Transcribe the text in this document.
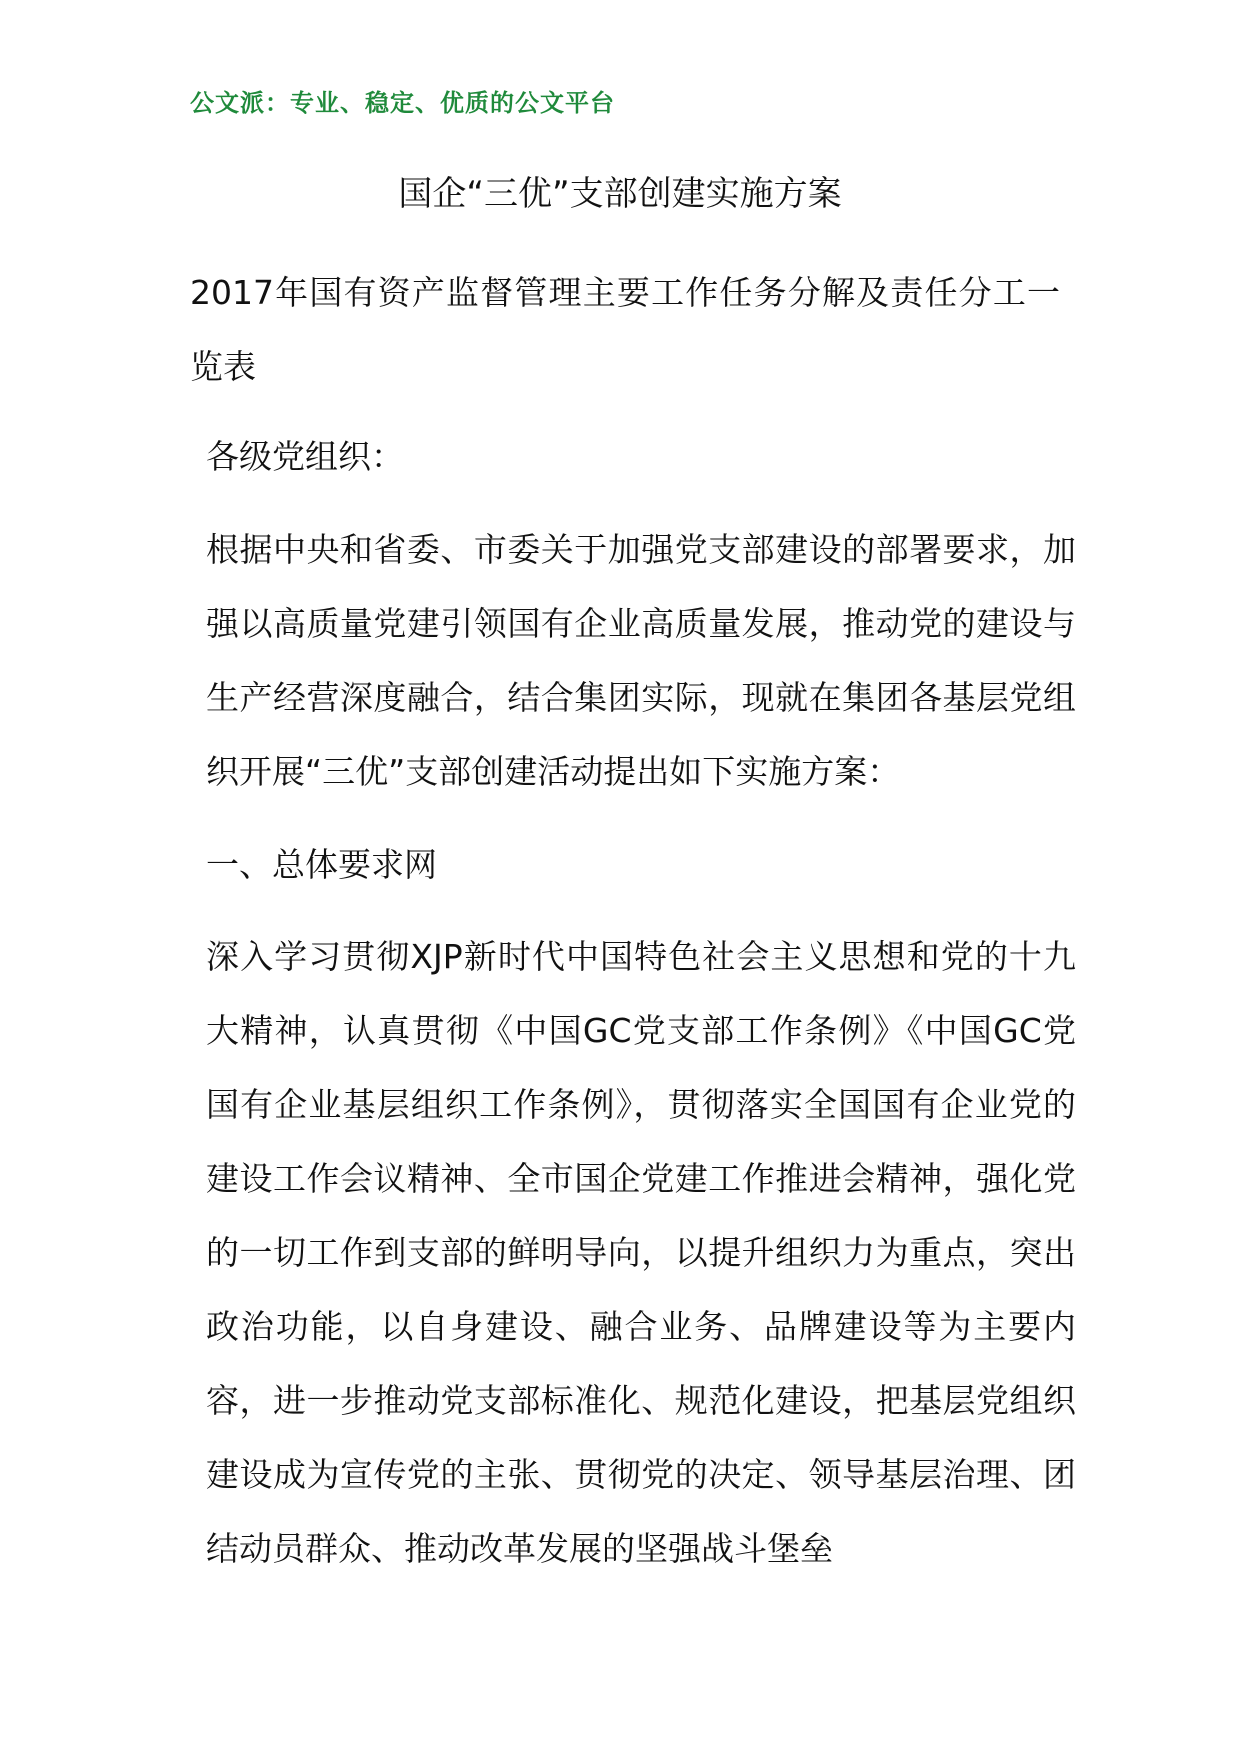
公文派：专业、稳定、优质的公文平台
国企“三优”支部创建实施方案
2017年国有资产监督管理主要工作任务分解及责任分工一览表
各级党组织：
根据中央和省委、市委关于加强党支部建设的部署要求，加强以高质量党建引领国有企业高质量发展，推动党的建设与生产经营深度融合，结合集团实际，现就在集团各基层党组织开展“三优”支部创建活动提出如下实施方案：
一、总体要求网
深入学习贯彻XJP新时代中国特色社会主义思想和党的十九大精神，认真贯彻《中国GC党支部工作条例》《中国GC党国有企业基层组织工作条例》，贯彻落实全国国有企业党的建设工作会议精神、全市国企党建工作推进会精神，强化党的一切工作到支部的鲜明导向，以提升组织力为重点，突出政治功能，以自身建设、融合业务、品牌建设等为主要内容，进一步推动党支部标准化、规范化建设，把基层党组织建设成为宣传党的主张、贯彻党的决定、领导基层治理、团结动员群众、推动改革发展的坚强战斗堡垒
